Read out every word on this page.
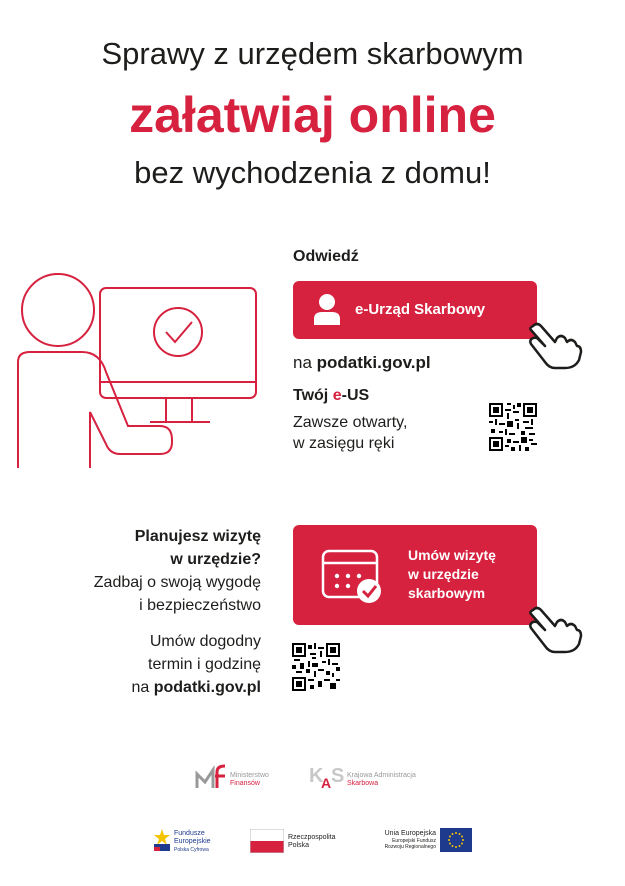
Sprawy z urzędem skarbowym
załatwiaj online
bez wychodzenia z domu!
Odwiedź
e-Urząd Skarbowy
na podatki.gov.pl
Twój e-US
Zawsze otwarty,
w zasięgu ręki
Planujesz wizytę
w urzędzie?
Zadbaj o swoją wygodę
i bezpieczeństwo
Umów dogodny
termin i godzinę
na podatki.gov.pl
Umów wizytę
w urzędzie
skarbowym
Ministerstwo
Finansów	K
A S Krajowa Administracja
Skarbowa
Fundusze
Europejskie
Polska Cyfrowa
Rzeczpospolita
Polska
Unia Europejska
Europejski Fundusz
Rozwoju Regionalnego
